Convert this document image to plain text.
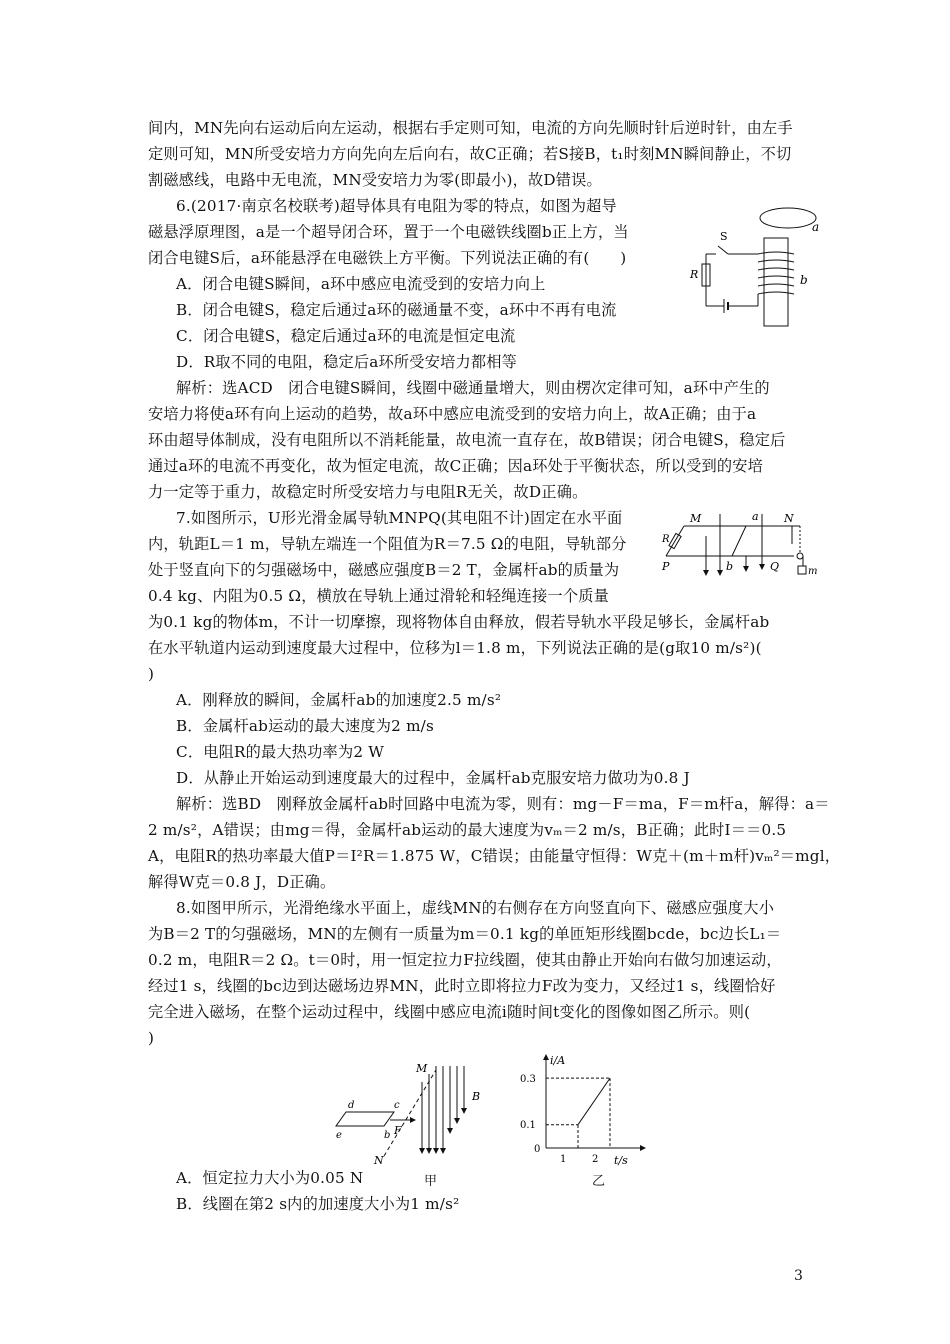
间内，MN先向右运动后向左运动，根据右手定则可知，电流的方向先顺时针后逆时针，由左手
定则可知，MN所受安培力方向先向左后向右，故C正确；若S接B，t₁时刻MN瞬间静止，不切
割磁感线，电路中无电流，MN受安培力为零(即最小)，故D错误。
6.(2017·南京名校联考)超导体具有电阻为零的特点，如图为超导
磁悬浮原理图，a是一个超导闭合环，置于一个电磁铁线圈b正上方，当
闭合电键S后，a环能悬浮在电磁铁上方平衡。下列说法正确的有(　　)
A．闭合电键S瞬间，a环中感应电流受到的安培力向上
B．闭合电键S，稳定后通过a环的磁通量不变，a环中不再有电流
C．闭合电键S，稳定后通过a环的电流是恒定电流
D．R取不同的电阻，稳定后a环所受安培力都相等
解析：选ACD　闭合电键S瞬间，线圈中磁通量增大，则由楞次定律可知，a环中产生的
安培力将使a环有向上运动的趋势，故a环中感应电流受到的安培力向上，故A正确；由于a
环由超导体制成，没有电阻所以不消耗能量，故电流一直存在，故B错误；闭合电键S，稳定后
通过a环的电流不再变化，故为恒定电流，故C正确；因a环处于平衡状态，所以受到的安培
力一定等于重力，故稳定时所受安培力与电阻R无关，故D正确。
a
b
S
R
7.如图所示，U形光滑金属导轨MNPQ(其电阻不计)固定在水平面
内，轨距L＝1 m，导轨左端连一个阻值为R＝7.5 Ω的电阻，导轨部分
处于竖直向下的匀强磁场中，磁感应强度B＝2 T，金属杆ab的质量为
0.4 kg、内阻为0.5 Ω，横放在导轨上通过滑轮和轻绳连接一个质量
为0.1 kg的物体m，不计一切摩擦，现将物体自由释放，假若导轨水平段足够长，金属杆ab
在水平轨道内运动到速度最大过程中，位移为l＝1.8 m，下列说法正确的是(g取10 m/s²)(
)
A．刚释放的瞬间，金属杆ab的加速度2.5 m/s²
B．金属杆ab运动的最大速度为2 m/s
C．电阻R的最大热功率为2 W
D．从静止开始运动到速度最大的过程中，金属杆ab克服安培力做功为0.8 J
解析：选BD　刚释放金属杆ab时回路中电流为零，则有：mg－F＝ma，F＝m杆a，解得：a＝
2 m/s²，A错误；由mg＝得，金属杆ab运动的最大速度为vₘ＝2 m/s，B正确；此时I＝＝0.5
A，电阻R的热功率最大值P＝I²R＝1.875 W，C错误；由能量守恒得：W克＋(m＋m杆)vₘ²＝mgl，
解得W克＝0.8 J，D正确。
M	a N
R
m
P	b	Q
8.如图甲所示，光滑绝缘水平面上，虚线MN的右侧存在方向竖直向下、磁感应强度大小
为B＝2 T的匀强磁场，MN的左侧有一质量为m＝0.1 kg的单匝矩形线圈bcde，bc边长L₁＝
0.2 m，电阻R＝2 Ω。t＝0时，用一恒定拉力F拉线圈，使其由静止开始向右做匀加速运动，
经过1 s，线圈的bc边到达磁场边界MN，此时立即将拉力F改为变力，又经过1 s，线圈恰好
完全进入磁场，在整个运动过程中，线圈中感应电流i随时间t变化的图像如图乙所示。则(
)
M
N
B
d	c
e	b F
甲
i/A
t/s
0.3
0.1
0
1	2
乙
A．恒定拉力大小为0.05 N
B．线圈在第2 s内的加速度大小为1 m/s²
3
